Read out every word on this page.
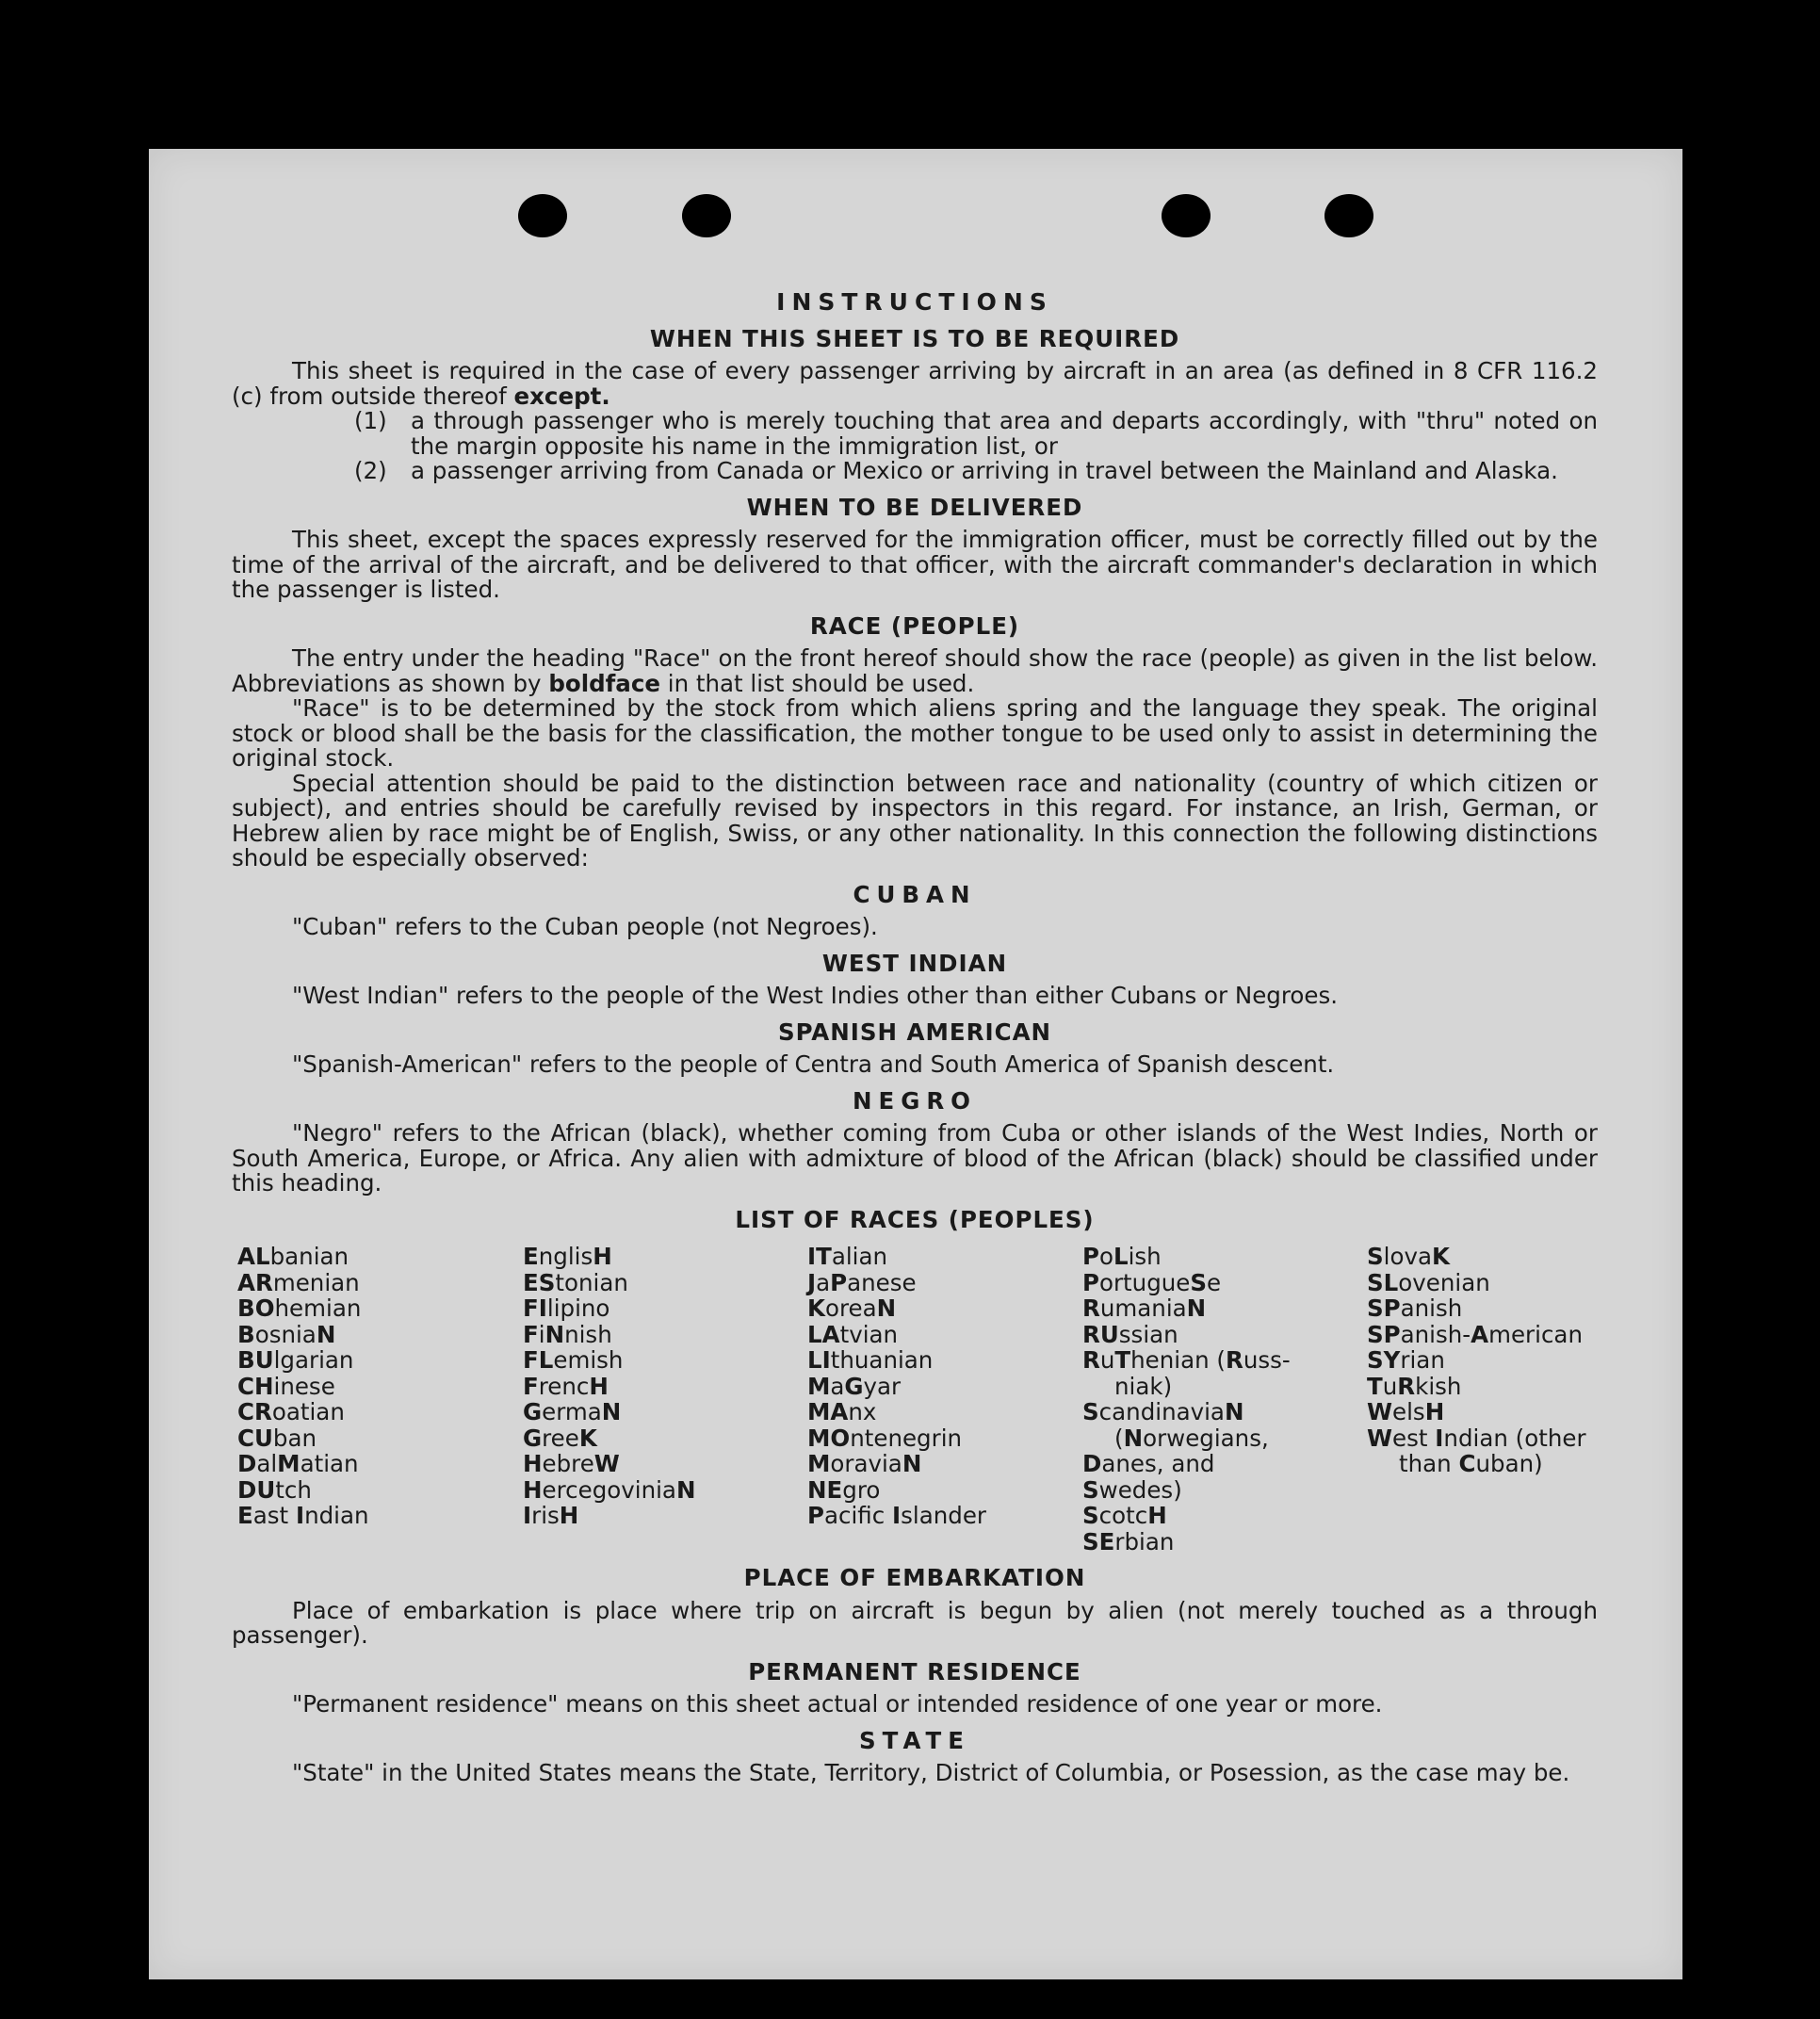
INSTRUCTIONS
WHEN THIS SHEET IS TO BE REQUIRED

This sheet is required in the case of every passenger arriving by aircraft in an area (as defined in 8 CFR 116.2 (c) from outside thereof except.

(1)	a through passenger who is merely touching that area and departs accordingly, with "thru" noted on the margin opposite his name in the immigration list, or
(2)	a passenger arriving from Canada or Mexico or arriving in travel between the Mainland and Alaska.
WHEN TO BE DELIVERED

This sheet, except the spaces expressly reserved for the immigration officer, must be correctly filled out by the time of the arrival of the aircraft, and be delivered to that officer, with the aircraft commander's declaration in which the passenger is listed.

RACE (PEOPLE)

The entry under the heading "Race" on the front hereof should show the race (people) as given in the list below. Abbreviations as shown by boldface in that list should be used.

"Race" is to be determined by the stock from which aliens spring and the language they speak. The original stock or blood shall be the basis for the classification, the mother tongue to be used only to assist in determining the original stock.

Special attention should be paid to the distinction between race and nationality (country of which citizen or subject), and entries should be carefully revised by inspectors in this regard. For instance, an Irish, German, or Hebrew alien by race might be of English, Swiss, or any other nationality. In this connection the following distinctions should be especially observed:

CUBAN

"Cuban" refers to the Cuban people (not Negroes).

WEST INDIAN

"West Indian" refers to the people of the West Indies other than either Cubans or Negroes.

SPANISH AMERICAN

"Spanish-American" refers to the people of Centra and South America of Spanish descent.

NEGRO

"Negro" refers to the African (black), whether coming from Cuba or other islands of the West Indies, North or South America, Europe, or Africa. Any alien with admixture of blood of the African (black) should be classified under this heading.

LIST OF RACES (PEOPLES)
ALbanian
ARmenian
BOhemian
BosniaN
BUlgarian
CHinese
CRoatian
CUban
DalMatian
DUtch
East Indian
EnglisH
EStonian
FIlipino
FiNnish
FLemish
FrencH
GermaN
GreeK
HebreW
HercegoviniaN
IrisH
ITalian
JaPanese
KoreaN
LAtvian
LIthuanian
MaGyar
MAnx
MOntenegrin
MoraviaN
NEgro
Pacifc Islander
PoLish
PortugueSe
RumaniaN
RUssian
RuThenian (Russ-
niak)
ScandinaviaN
(Norwegians,
Danes, and
Swedes)
ScotcH
SErbian
SlovaK
SLovenian
SPanish
SPanish-American
SYrian
TuRkish
WelsH
West Indian (other
than Cuban)
PLACE OF EMBARKATION

Place of embarkation is place where trip on aircraft is begun by alien (not merely touched as a through passenger).

PERMANENT RESIDENCE

"Permanent residence" means on this sheet actual or intended residence of one year or more.

STATE

"State" in the United States means the State, Territory, District of Columbia, or Posession, as the case may be.
